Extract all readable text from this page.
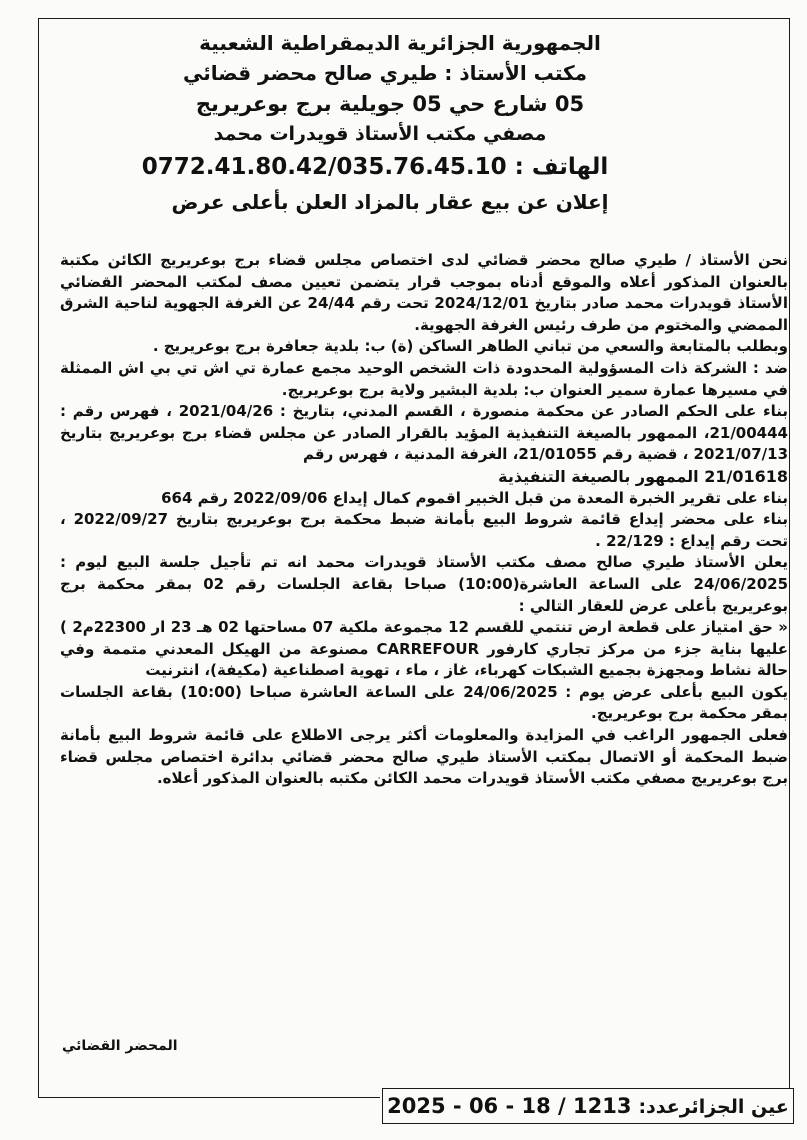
الجمهورية الجزائرية الديمقراطية الشعبية

مكتب الأستاذ : طيري صالح محضر قضائي

05 شارع حي 05 جويلية برج بوعريريج

مصفي مكتب الأستاذ قويدرات محمد

الهاتف : 0772.41.80.42/035.76.45.10

إعلان عن بيع عقار بالمزاد العلن بأعلى عرض

نحن الأستاذ / طيري صالح محضر قضائي لدى اختصاص مجلس قضاء برج بوعريريج الكائن مكتبة بالعنوان المذكور أعلاه والموقع أدناه بموجب قرار يتضمن تعيين مصف لمكتب المحضر القضائي الأستاذ قويدرات محمد صادر بتاريخ 2024/12/01 تحت رقم 24/44 عن الغرفة الجهوية لناحية الشرق الممضي والمختوم من طرف رئيس الغرفة الجهوية.

وبطلب بالمتابعة والسعي من تباني الطاهر الساكن (ة) ب: بلدية جعافرة برج بوعريريج .

ضد : الشركة ذات المسؤولية المحدودة ذات الشخص الوحيد مجمع عمارة تي اش تي بي اش الممثلة في مسيرها عمارة سمير العنوان ب: بلدية البشير ولاية برج بوعريريج.

بناء على الحكم الصادر عن محكمة منصورة ، القسم المدني، بتاريخ : 2021/04/26 ، فهرس رقم : 21/00444، الممهور بالصيغة التنفيذية المؤيد بالقرار الصادر عن مجلس قضاء برج بوعريريج بتاريخ 2021/07/13 ، قضية رقم 21/01055، الغرفة المدنية ، فهرس رقم

21/01618 الممهور بالصيغة التنفيذية

بناء على تقرير الخبرة المعدة من قبل الخبير اقموم كمال إيداع 2022/09/06 رقم 664

بناء على محضر إيداع قائمة شروط البيع بأمانة ضبط محكمة برج بوعريريج بتاريخ 2022/09/27 ، تحت رقم إيداع : 22/129 .

يعلن الأستاذ طيري صالح مصف مكتب الأستاذ قويدرات محمد انه تم تأجيل جلسة البيع ليوم : 24/06/2025 على الساعة العاشرة(10:00) صباحا بقاعة الجلسات رقم 02 بمقر محكمة برج بوعريريج بأعلى عرض للعقار التالي :

« حق امتياز على قطعة ارض تنتمي للقسم 12 مجموعة ملكية 07 مساحتها 02 هـ 23 ار 22300م2 ) عليها بناية جزء من مركز تجاري كارفور CARREFOUR مصنوعة من الهيكل المعدني متممة وفي حالة نشاط ومجهزة بجميع الشبكات كهرباء، غاز ، ماء ، تهوية اصطناعية (مكيفة)، انترنيت

يكون البيع بأعلى عرض يوم : 24/06/2025 على الساعة العاشرة صباحا (10:00) بقاعة الجلسات بمقر محكمة برج بوعريريج.

فعلى الجمهور الراغب في المزايدة والمعلومات أكثر يرجى الاطلاع على قائمة شروط البيع بأمانة ضبط المحكمة أو الاتصال بمكتب الأستاذ طيري صالح محضر قضائي بدائرة اختصاص مجلس قضاء برج بوعريريج مصفي مكتب الأستاذ قويدرات محمد الكائن مكتبه بالعنوان المذكور أعلاه.

المحضر القضائي
عين الجزائرعدد: 2025 - 06 - 18 / 1213
